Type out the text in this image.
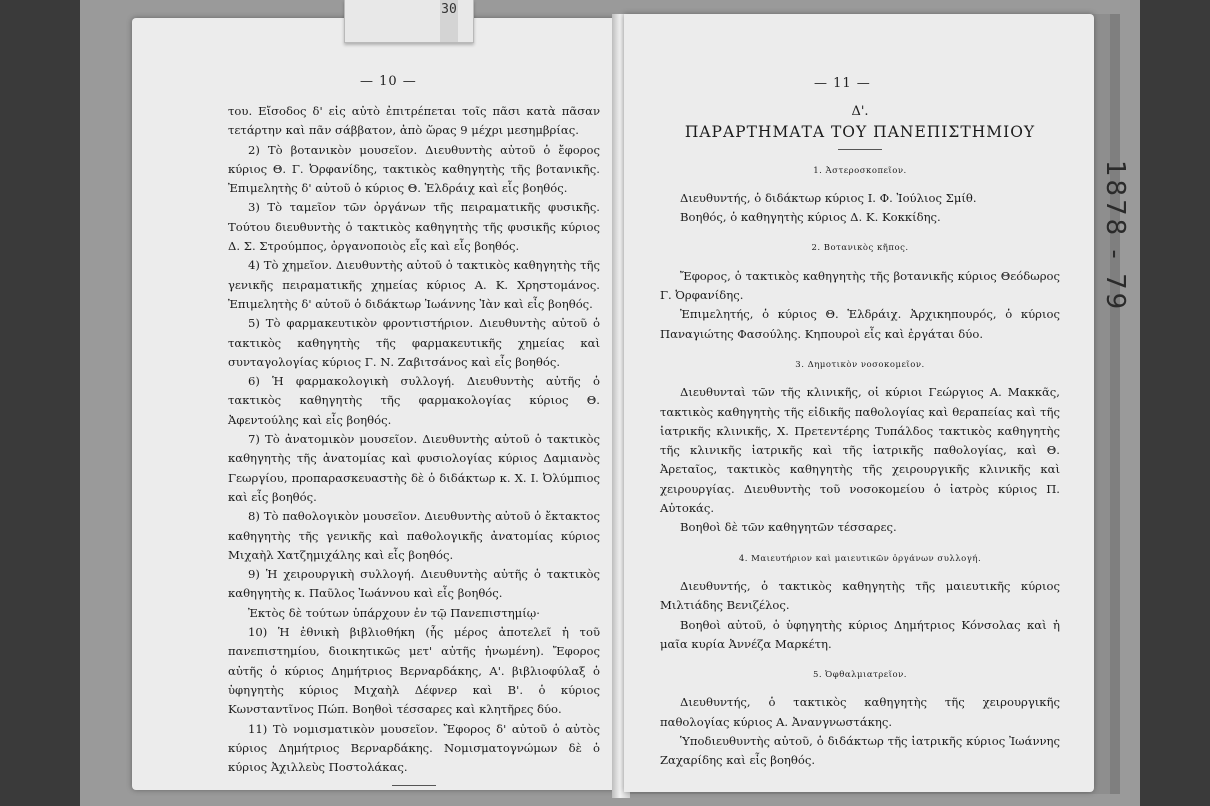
— 10 —

του. Εἴσοδος δ' εἰς αὐτὸ ἐπιτρέπεται τοῖς πᾶσι κατὰ πᾶσαν τετάρτην καὶ πᾶν σάββατον, ἀπὸ ὥρας 9 μέχρι μεσημβρίας.

2) Τὸ βοτανικὸν μουσεῖον. Διευθυντὴς αὐτοῦ ὁ ἔφορος κύριος Θ. Γ. Ὀρφανίδης, τακτικὸς καθηγητὴς τῆς βοτανικῆς. Ἐπιμελητὴς δ' αὐτοῦ ὁ κύριος Θ. Ἑλδράιχ καὶ εἷς βοηθός.

3) Τὸ ταμεῖον τῶν ὀργάνων τῆς πειραματικῆς φυσικῆς. Τούτου διευθυντὴς ὁ τακτικὸς καθηγητὴς τῆς φυσικῆς κύριος Δ. Σ. Στρούμπος, ὀργανοποιὸς εἷς καὶ εἷς βοηθός.

4) Τὸ χημεῖον. Διευθυντὴς αὐτοῦ ὁ τακτικὸς καθηγητὴς τῆς γενικῆς πειραματικῆς χημείας κύριος Α. Κ. Χρηστομάνος. Ἐπιμελητὴς δ' αὐτοῦ ὁ διδάκτωρ Ἰωάννης Ἰὰν καὶ εἷς βοηθός.

5) Τὸ φαρμακευτικὸν φροντιστήριον. Διευθυντὴς αὐτοῦ ὁ τακτικὸς καθηγητὴς τῆς φαρμακευτικῆς χημείας καὶ συνταγολογίας κύριος Γ. Ν. Ζαβιτσάνος καὶ εἷς βοηθός.

6) Ἡ φαρμακολογικὴ συλλογή. Διευθυντὴς αὐτῆς ὁ τακτικὸς καθηγητὴς τῆς φαρμακολογίας κύριος Θ. Ἀφεντούλης καὶ εἷς βοηθός.

7) Τὸ ἀνατομικὸν μουσεῖον. Διευθυντὴς αὐτοῦ ὁ τακτικὸς καθηγητὴς τῆς ἀνατομίας καὶ φυσιολογίας κύριος Δαμιανὸς Γεωργίου, προπαρασκευαστὴς δὲ ὁ διδάκτωρ κ. Χ. Ι. Ὀλύμπιος καὶ εἷς βοηθός.

8) Τὸ παθολογικὸν μουσεῖον. Διευθυντὴς αὐτοῦ ὁ ἔκτακτος καθηγητὴς τῆς γενικῆς καὶ παθολογικῆς ἀνατομίας κύριος Μιχαὴλ Χατζημιχάλης καὶ εἷς βοηθός.

9) Ἡ χειρουργικὴ συλλογή. Διευθυντὴς αὐτῆς ὁ τακτικὸς καθηγητὴς κ. Παῦλος Ἰωάννου καὶ εἷς βοηθός.

Ἐκτὸς δὲ τούτων ὑπάρχουν ἐν τῷ Πανεπιστημίῳ·

10) Ἡ ἐθνικὴ βιβλιοθήκη (ἧς μέρος ἀποτελεῖ ἡ τοῦ πανεπιστημίου, διοικητικῶς μετ' αὐτῆς ἡνωμένη). Ἔφορος αὐτῆς ὁ κύριος Δημήτριος Βερναρδάκης, Α'. βιβλιοφύλαξ ὁ ὑφηγητὴς κύριος Μιχαὴλ Δέφνερ καὶ Β'. ὁ κύριος Κωνσταντῖνος Πώπ. Βοηθοὶ τέσσαρες καὶ κλητῆρες δύο.

11) Τὸ νομισματικὸν μουσεῖον. Ἔφορος δ' αὐτοῦ ὁ αὐτὸς κύριος Δημήτριος Βερναρδάκης. Νομισματογνώμων δὲ ὁ κύριος Ἀχιλλεὺς Ποστολάκας.

— 11 —
Δ'.
ΠΑΡΑΡΤΗΜΑΤΑ ΤΟΥ ΠΑΝΕΠΙΣΤΗΜΙΟΥ
1. Ἀστεροσκοπεῖον.

Διευθυντής, ὁ διδάκτωρ κύριος Ι. Φ. Ἰούλιος Σμίθ.

Βοηθός, ὁ καθηγητὴς κύριος Δ. Κ. Κοκκίδης.

2. Βοτανικὸς κῆπος.

Ἔφορος, ὁ τακτικὸς καθηγητὴς τῆς βοτανικῆς κύριος Θεόδωρος Γ. Ὀρφανίδης.

Ἐπιμελητής, ὁ κύριος Θ. Ἑλδράιχ. Ἀρχικηπουρός, ὁ κύριος Παναγιώτης Φασούλης. Κηπουροὶ εἷς καὶ ἐργάται δύο.

3. Δημοτικὸν νοσοκομεῖον.

Διευθυνταὶ τῶν τῆς κλινικῆς, οἱ κύριοι Γεώργιος Α. Μακκᾶς, τακτικὸς καθηγητὴς τῆς εἰδικῆς παθολογίας καὶ θεραπείας καὶ τῆς ἰατρικῆς κλινικῆς, Χ. Πρετεντέρης Τυπάλδος τακτικὸς καθηγητὴς τῆς κλινικῆς ἰατρικῆς καὶ τῆς ἰατρικῆς παθολογίας, καὶ Θ. Ἀρεταῖος, τακτικὸς καθηγητὴς τῆς χειρουργικῆς κλινικῆς καὶ χειρουργίας. Διευθυντὴς τοῦ νοσοκομείου ὁ ἰατρὸς κύριος Π. Αὐτοκάς.

Βοηθοὶ δὲ τῶν καθηγητῶν τέσσαρες.

4. Μαιευτήριον καὶ μαιευτικῶν ὀργάνων συλλογή.

Διευθυντής, ὁ τακτικὸς καθηγητὴς τῆς μαιευτικῆς κύριος Μιλτιάδης Βενιζέλος.

Βοηθοὶ αὐτοῦ, ὁ ὑφηγητὴς κύριος Δημήτριος Κόνσολας καὶ ἡ μαῖα κυρία Ἀννέζα Μαρκέτη.

5. Ὀφθαλμιατρεῖον.

Διευθυντής, ὁ τακτικὸς καθηγητὴς τῆς χειρουργικῆς παθολογίας κύριος Α. Ἀνανγνωστάκης.

Ὑποδιευθυντὴς αὐτοῦ, ὁ διδάκτωρ τῆς ἰατρικῆς κύριος Ἰωάννης Ζαχαρίδης καὶ εἷς βοηθός.

30
1878 - 79
